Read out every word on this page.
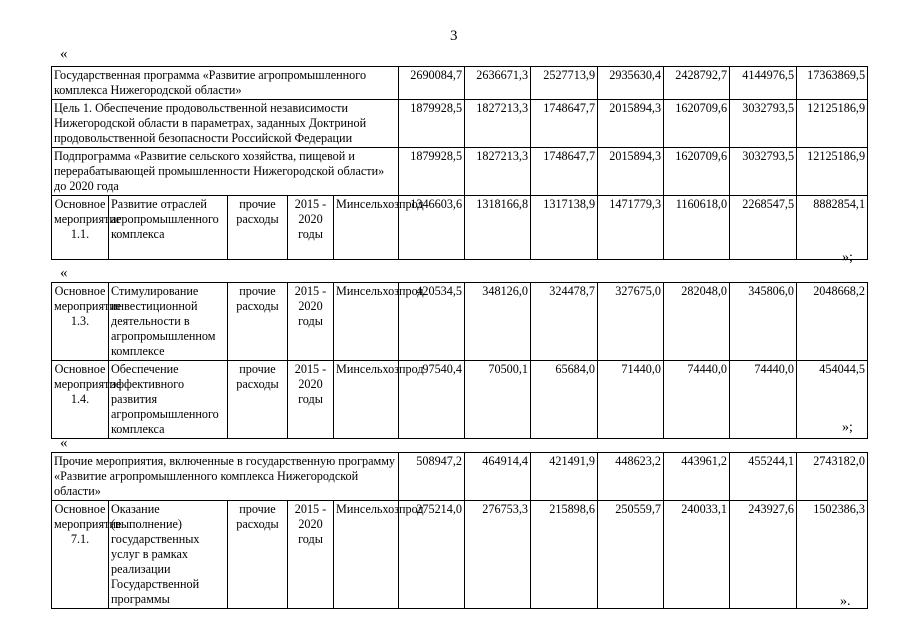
3
«
Государственная программа «Развитие агропромышленного комплекса Нижегородской области»					2690084,7	2636671,3	2527713,9	2935630,4	2428792,7	4144976,5	17363869,5
Цель 1. Обеспечение продовольственной независимости Нижегородской области в параметрах, заданных Доктриной продовольственной безопасности Российской Федерации					1879928,5	1827213,3	1748647,7	2015894,3	1620709,6	3032793,5	12125186,9
Подпрограмма «Развитие сельского хозяйства, пищевой и перерабатывающей промышленности Нижегородской области» до 2020 года					1879928,5	1827213,3	1748647,7	2015894,3	1620709,6	3032793,5	12125186,9
Основное мероприятие 1.1.	Развитие отраслей агропромышленного комплекса	прочие расходы	2015 - 2020 годы	Минсельхозпрод	1346603,6	1318166,8	1317138,9	1471779,3	1160618,0	2268547,5	8882854,1
»;
«
Основное мероприятие 1.3.	Стимулирование инвестиционной деятельности в агропромышленном комплексе	прочие расходы	2015 - 2020 годы	Минсельхозпрод	420534,5	348126,0	324478,7	327675,0	282048,0	345806,0	2048668,2
Основное мероприятие 1.4.	Обеспечение эффективного развития агропромышленного комплекса	прочие расходы	2015 - 2020 годы	Минсельхозпрод	97540,4	70500,1	65684,0	71440,0	74440,0	74440,0	454044,5
»;
«
Прочие мероприятия, включенные в государственную программу «Развитие агропромышленного комплекса Нижегородской области»					508947,2	464914,4	421491,9	448623,2	443961,2	455244,1	2743182,0
Основное мероприятие 7.1.	Оказание (выполнение) государственных услуг в рамках реализации Государственной программы	прочие расходы	2015 - 2020 годы	Минсельхозпрод	275214,0	276753,3	215898,6	250559,7	240033,1	243927,6	1502386,3
».
